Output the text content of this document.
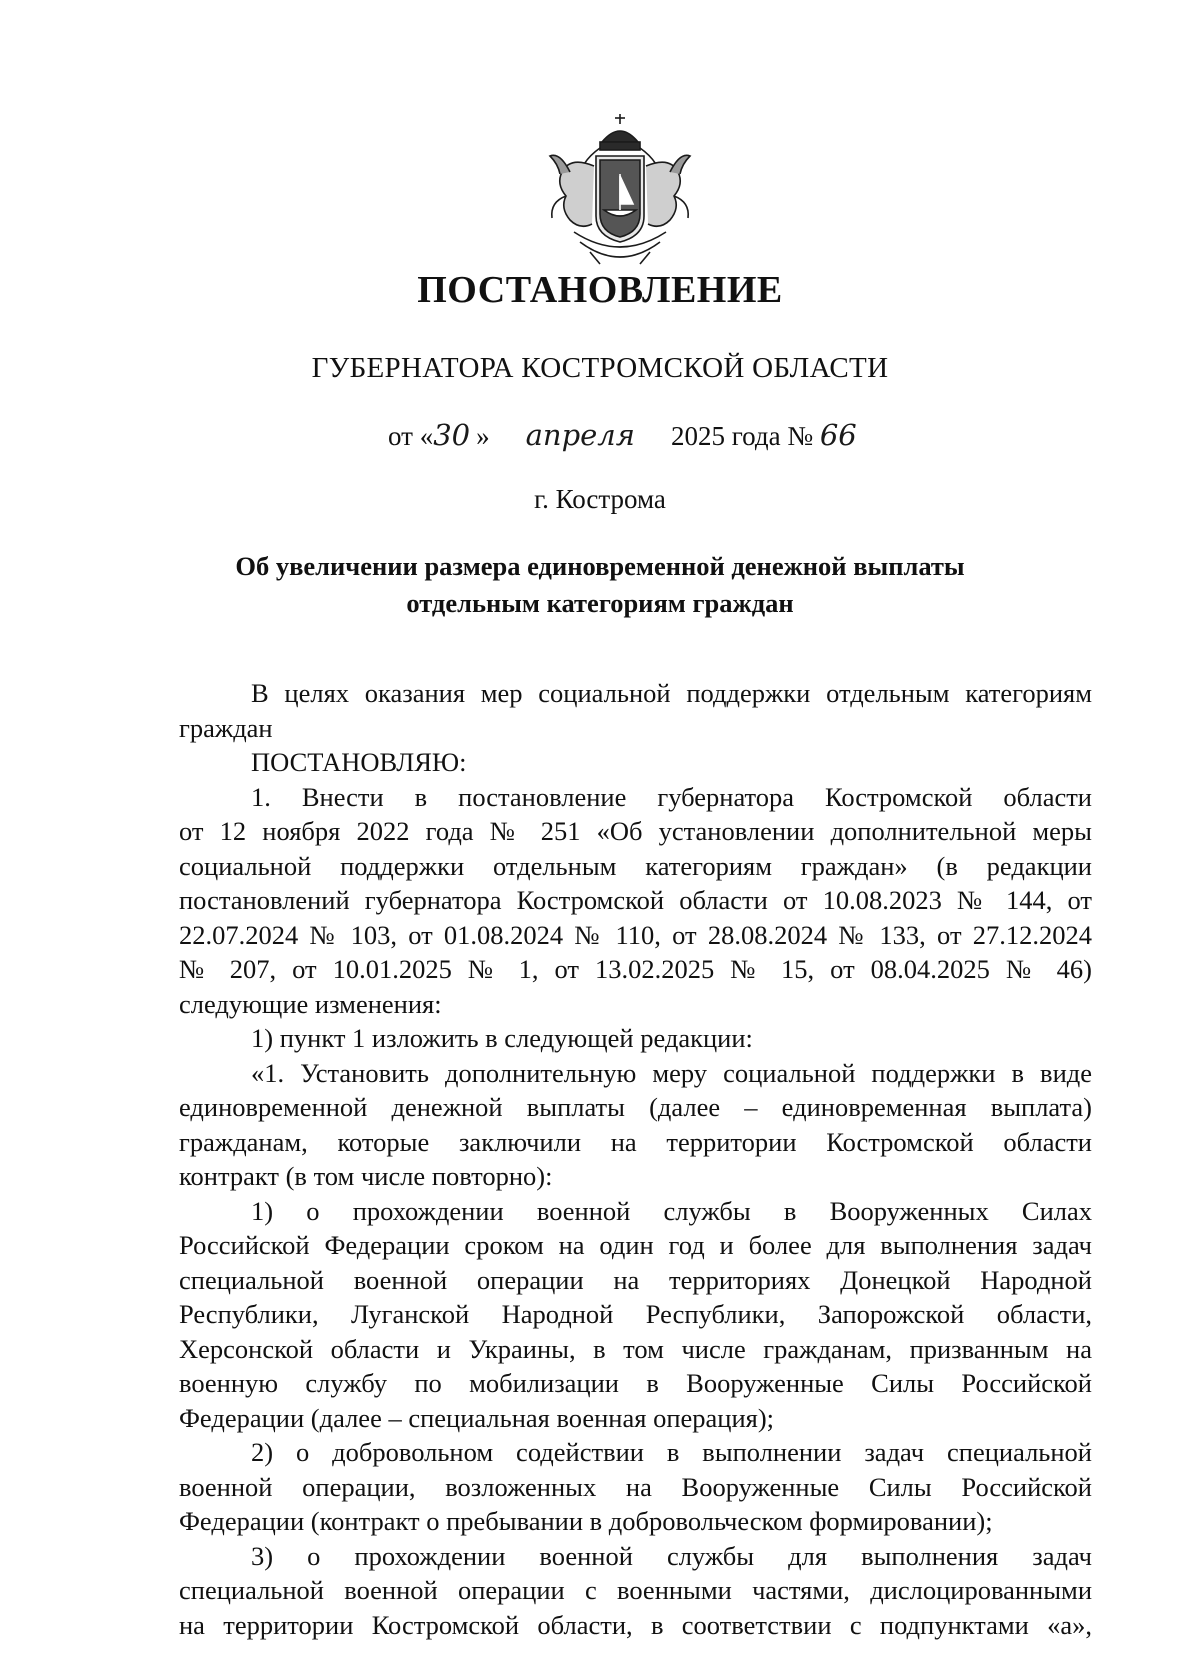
ПОСТАНОВЛЕНИЕ
ГУБЕРНАТОРА КОСТРОМСКОЙ ОБЛАСТИ
от «30 » апреля 2025 года № 66
г. Кострома
Об увеличении размера единовременной денежной выплаты
отдельным категориям граждан
В целях оказания мер социальной поддержки отдельным категориям
граждан
ПОСТАНОВЛЯЮ:
1. Внести в постановление губернатора Костромской области
от 12 ноября 2022 года № 251 «Об установлении дополнительной меры
социальной поддержки отдельным категориям граждан» (в редакции
постановлений губернатора Костромской области от 10.08.2023 № 144, от
22.07.2024 № 103, от 01.08.2024 № 110, от 28.08.2024 № 133, от 27.12.2024
№ 207, от 10.01.2025 № 1, от 13.02.2025 № 15, от 08.04.2025 № 46)
следующие изменения:
1) пункт 1 изложить в следующей редакции:
«1. Установить дополнительную меру социальной поддержки в виде
единовременной денежной выплаты (далее – единовременная выплата)
гражданам, которые заключили на территории Костромской области
контракт (в том числе повторно):
1) о прохождении военной службы в Вооруженных Силах
Российской Федерации сроком на один год и более для выполнения задач
специальной военной операции на территориях Донецкой Народной
Республики, Луганской Народной Республики, Запорожской области,
Херсонской области и Украины, в том числе гражданам, призванным на
военную службу по мобилизации в Вооруженные Силы Российской
Федерации (далее – специальная военная операция);
2) о добровольном содействии в выполнении задач специальной
военной операции, возложенных на Вооруженные Силы Российской
Федерации (контракт о пребывании в добровольческом формировании);
3) о прохождении военной службы для выполнения задач
специальной военной операции с военными частями, дислоцированными
на территории Костромской области, в соответствии с подпунктами «а»,
